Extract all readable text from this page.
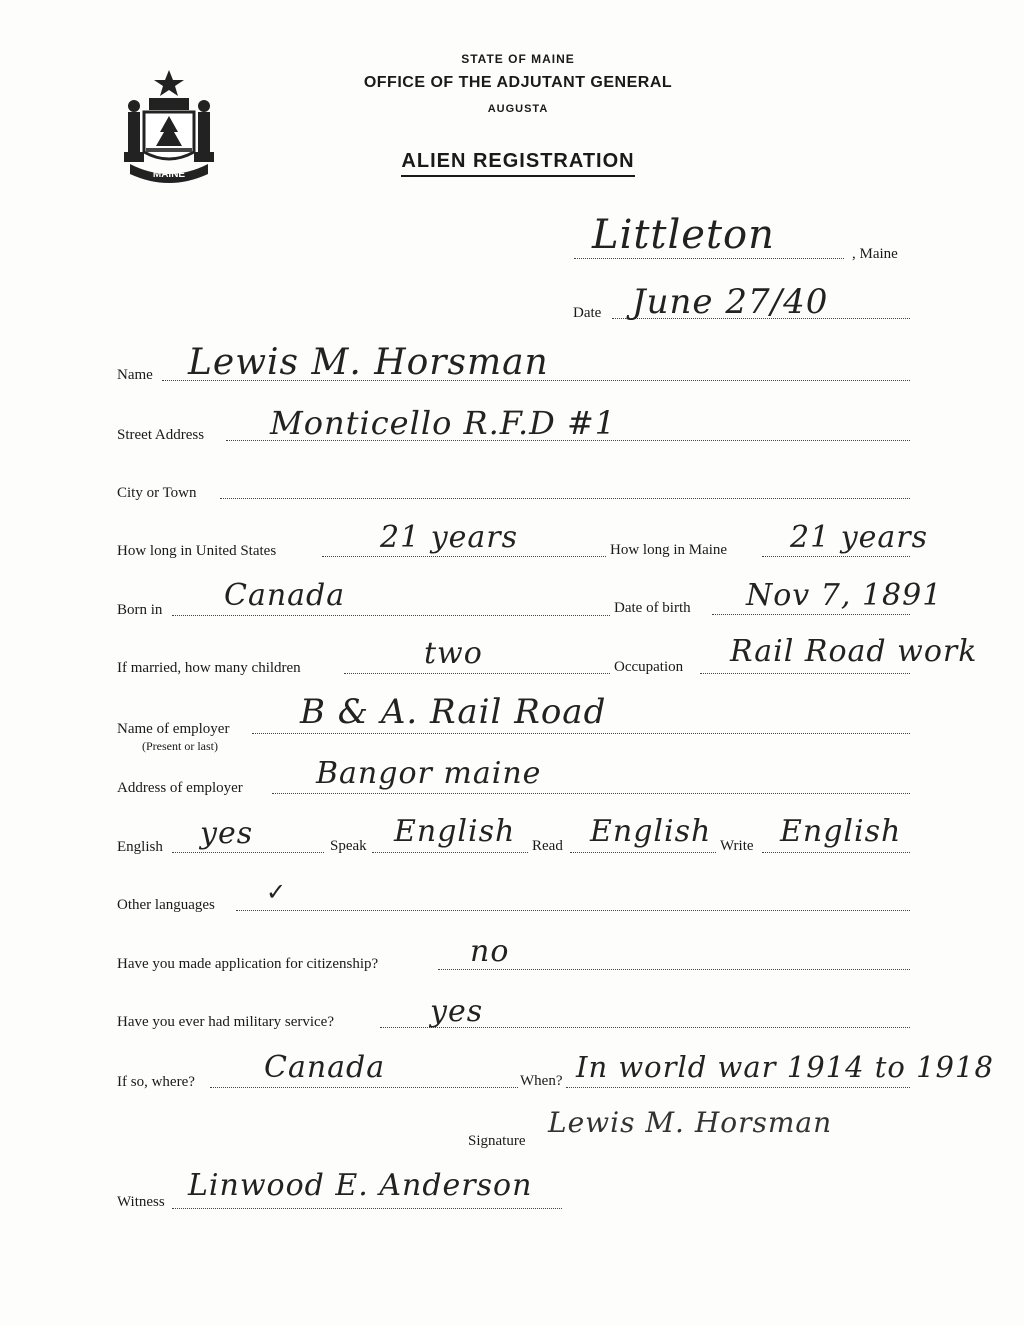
MAINE
STATE OF MAINE
OFFICE OF THE ADJUTANT GENERAL
AUGUSTA
ALIEN REGISTRATION
Littleton	, Maine
Date June 27/40
Name Lewis M. Horsman
Street Address Monticello R.F.D #1
City or Town
How long in United States	21 years	How long in Maine 21 years
Born in Canada	Date of birth Nov 7, 1891
If married, how many children	two	Occupation Rail Road work
Name of employer
(Present or last)
B & A. Rail Road
Address of employer Bangor maine
English yes	Speak English Read English Write English
Other languages ✓
Have you made application for citizenship?	no
Have you ever had military service?	yes
If so, where? Canada	When? In world war 1914 to 1918
Signature
Lewis M. Horsman
Witness Linwood E. Anderson
